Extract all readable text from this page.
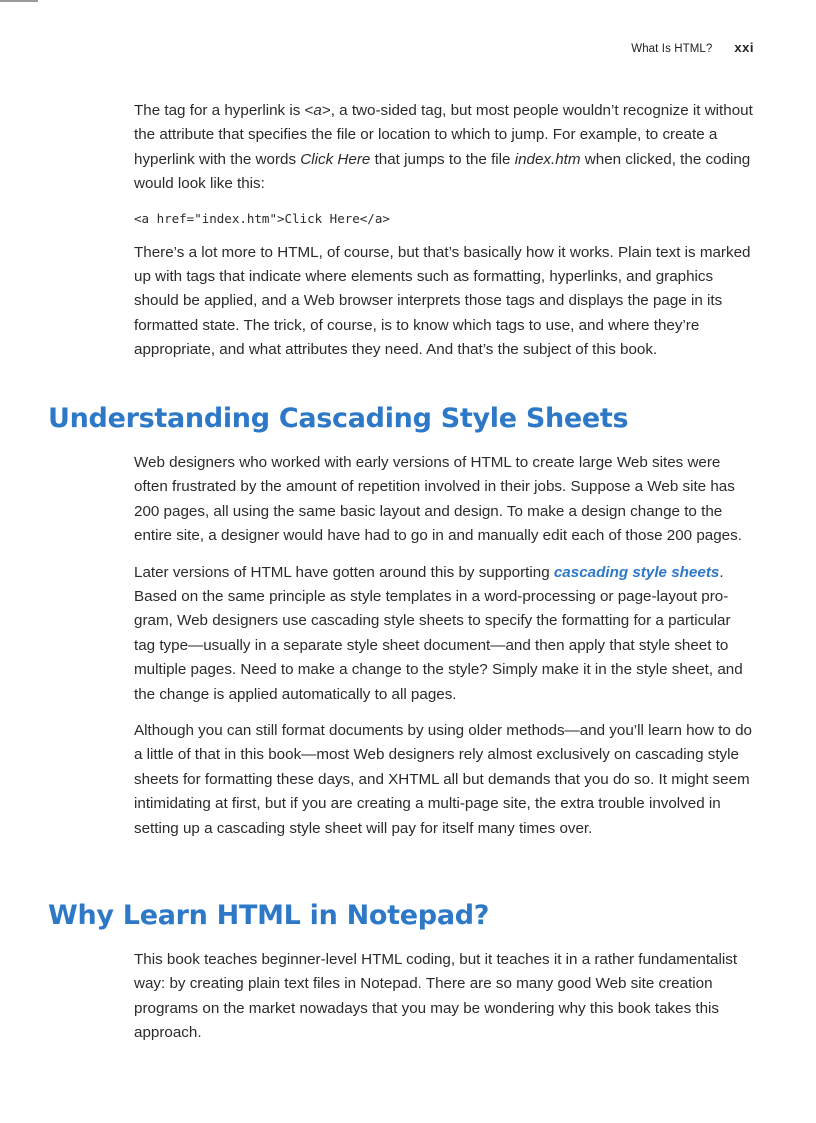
What Is HTML? xxi

The tag for a hyperlink is <a>, a two-sided tag, but most people wouldn’t recognize it without the attribute that specifies the file or location to which to jump. For example, to create a hyperlink with the words Click Here that jumps to the file index.htm when clicked, the coding would look like this:

<a href="index.htm">Click Here</a>

There’s a lot more to HTML, of course, but that’s basically how it works. Plain text is marked up with tags that indicate where elements such as formatting, hyperlinks, and graphics should be applied, and a Web browser interprets those tags and displays the page in its formatted state. The trick, of course, is to know which tags to use, and where they’re appropriate, and what attributes they need. And that’s the subject of this book.

Understanding Cascading Style Sheets

Web designers who worked with early versions of HTML to create large Web sites were often frustrated by the amount of repetition involved in their jobs. Suppose a Web site has 200 pages, all using the same basic layout and design. To make a design change to the entire site, a designer would have had to go in and manually edit each of those 200 pages.

Later versions of HTML have gotten around this by supporting cascading style sheets. Based on the same principle as style templates in a word-processing or page-layout program, Web designers use cascading style sheets to specify the formatting for a particular tag type—usually in a separate style sheet document—and then apply that style sheet to multiple pages. Need to make a change to the style? Simply make it in the style sheet, and the change is applied automatically to all pages.

Although you can still format documents by using older methods—and you’ll learn how to do a little of that in this book—most Web designers rely almost exclusively on cascading style sheets for formatting these days, and XHTML all but demands that you do so. It might seem intimidating at first, but if you are creating a multi-page site, the extra trouble involved in setting up a cascading style sheet will pay for itself many times over.

Why Learn HTML in Notepad?

This book teaches beginner-level HTML coding, but it teaches it in a rather fundamentalist way: by creating plain text files in Notepad. There are so many good Web site creation programs on the market nowadays that you may be wondering why this book takes this approach.
